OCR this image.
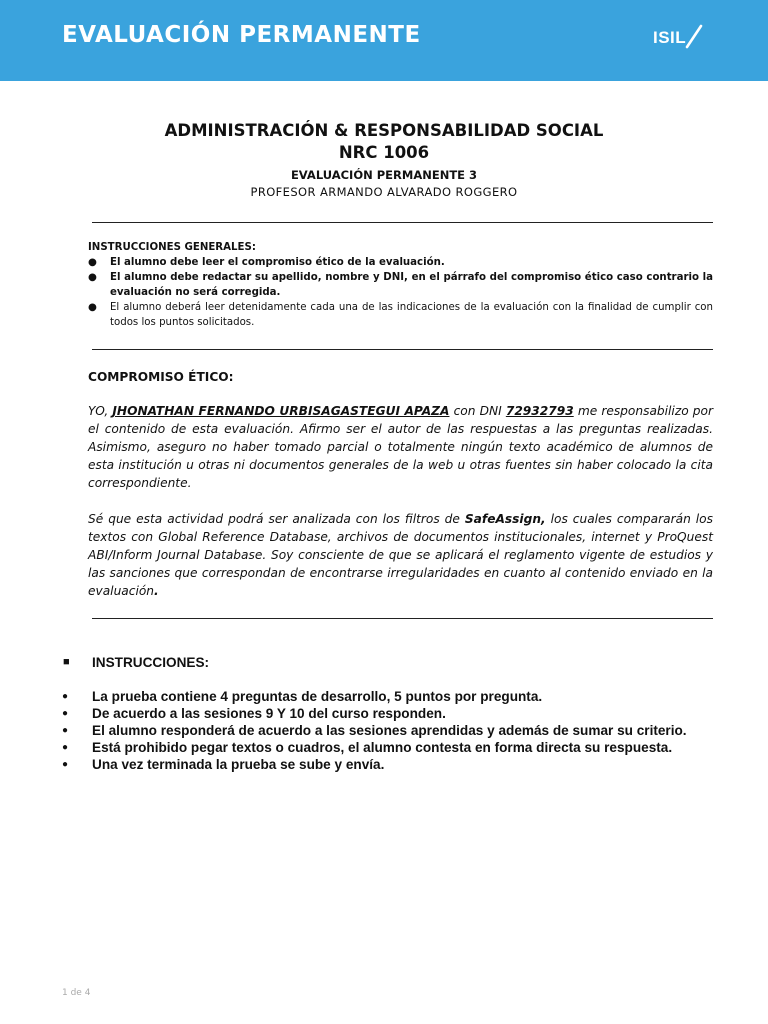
EVALUACIÓN PERMANENTE	ISIL
ADMINISTRACIÓN & RESPONSABILIDAD SOCIAL
NRC 1006
EVALUACIÓN PERMANENTE 3
PROFESOR ARMANDO ALVARADO ROGGERO
INSTRUCCIONES GENERALES:
● El alumno debe leer el compromiso ético de la evaluación.
● El alumno debe redactar su apellido, nombre y DNI, en el párrafo del compromiso ético caso contrario la evaluación no será corregida.
● El alumno deberá leer detenidamente cada una de las indicaciones de la evaluación con la finalidad de cumplir con todos los puntos solicitados.
COMPROMISO ÉTICO:

YO, JHONATHAN FERNANDO URBISAGASTEGUI APAZA con DNI 72932793 me responsabilizo por el contenido de esta evaluación. Afirmo ser el autor de las respuestas a las preguntas realizadas. Asimismo, aseguro no haber tomado parcial o totalmente ningún texto académico de alumnos de esta institución u otras ni documentos generales de la web u otras fuentes sin haber colocado la cita correspondiente.

Sé que esta actividad podrá ser analizada con los filtros de SafeAssign, los cuales compararán los textos con Global Reference Database, archivos de documentos institucionales, internet y ProQuest ABI/Inform Journal Database. Soy consciente de que se aplicará el reglamento vigente de estudios y las sanciones que correspondan de encontrarse irregularidades en cuanto al contenido enviado en la evaluación.

■ INSTRUCCIONES:
● La prueba contiene 4 preguntas de desarrollo, 5 puntos por pregunta.
● De acuerdo a las sesiones 9 Y 10 del curso responden.
● El alumno responderá de acuerdo a las sesiones aprendidas y además de sumar su criterio.
● Está prohibido pegar textos o cuadros, el alumno contesta en forma directa su respuesta.
● Una vez terminada la prueba se sube y envía.
1 de 4
